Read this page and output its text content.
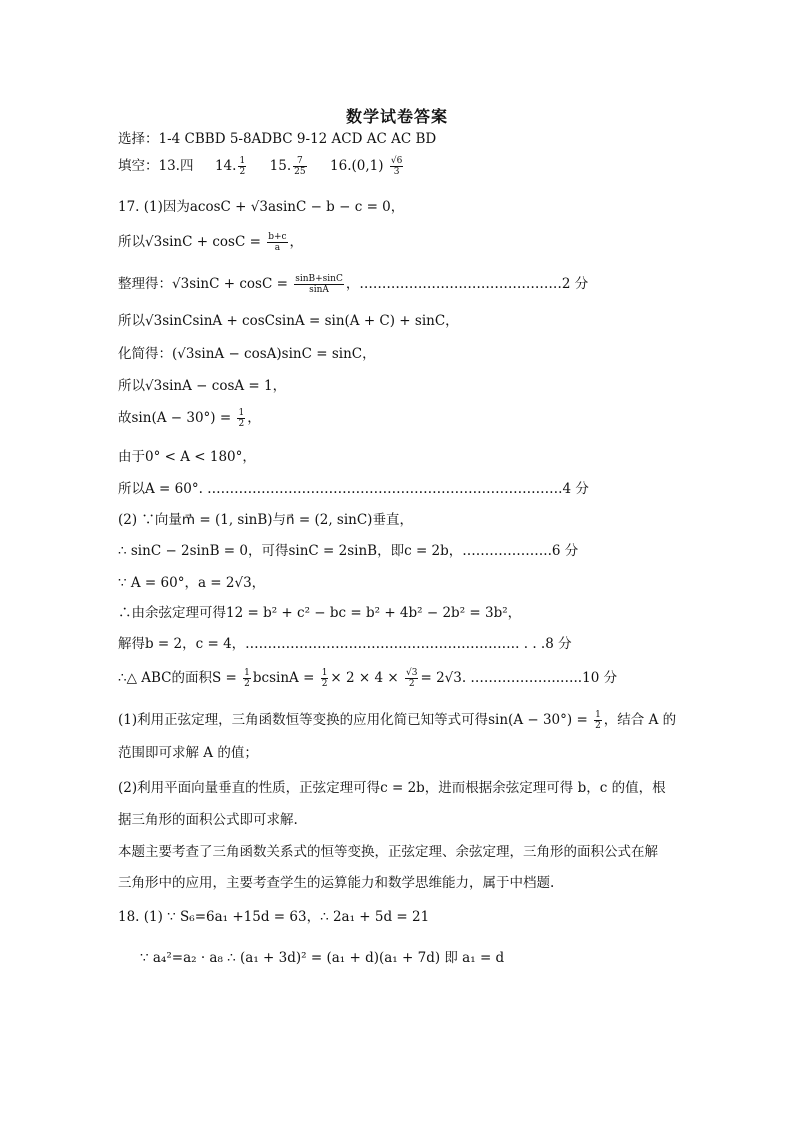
数学试卷答案
选择：1-4 CBBD 5-8ADBC 9-12 ACD AC AC BD
填空：13.四 14. $\frac{1}{2} 15$. $\frac{7}{25} 16.(0,1) \frac{√6}{3}$
17. (1)因为acosC + √3asinC − b − c = 0，
所以$√3\sin C + \cos C = \frac{b+c}{a}$ ，
整理得：$√3\sin C + \cos C = \frac{\sin B+\sin C}{\sin A}$ ，………………………………………2 分
所以√3sinCsinA + cosCsinA = sin(A + C) + sinC，
化简得：(√3sinA − cosA)sinC = sinC，
所以√3sinA − cosA = 1，
故$\sin(A - 30^\circ) = \frac{1}{2}$ ，
由于0° < A < 180°，
所以A = 60°. …………………………………………………………………….4 分
(2) ∵向量m⃗ = (1, sinB)与n⃗ = (2, sinC)垂直，
∴ sinC − 2sinB = 0，可得sinC = 2sinB，即c = 2b，………………..6 分
∵ A = 60°，a = 2√3，
∴由余弦定理可得12 = b² + c² − bc = b² + 4b² − 2b² = 3b²，
解得b = 2，c = 4，……………………………………………………. . . .8 分
∴△ ABC的面积$S = \frac{1}{2}$ $bcsinA = \frac{1}{2} \times 2 \times 4 \times \frac{√3}{2} = 2√3$. ………………..…..10 分
(1)利用正弦定理，三角函数恒等变换的应用化简已知等式可得$\sin(A - 30^\circ) = \frac{1}{2}$ ，结合 A 的
范围即可求解 A 的值；
(2)利用平面向量垂直的性质，正弦定理可得c = 2b，进而根据余弦定理可得 b，c 的值，根
据三角形的面积公式即可求解.
本题主要考查了三角函数关系式的恒等变换，正弦定理、余弦定理，三角形的面积公式在解
三角形中的应用，主要考查学生的运算能力和数学思维能力，属于中档题.
18. (1) ∵ S₆=6a₁ +15d = 63，∴ 2a₁ + 5d = 21
∵ a₄²=a₂ · a₈ ∴ (a₁ + 3d)² = (a₁ + d)(a₁ + 7d) 即 a₁ = d
